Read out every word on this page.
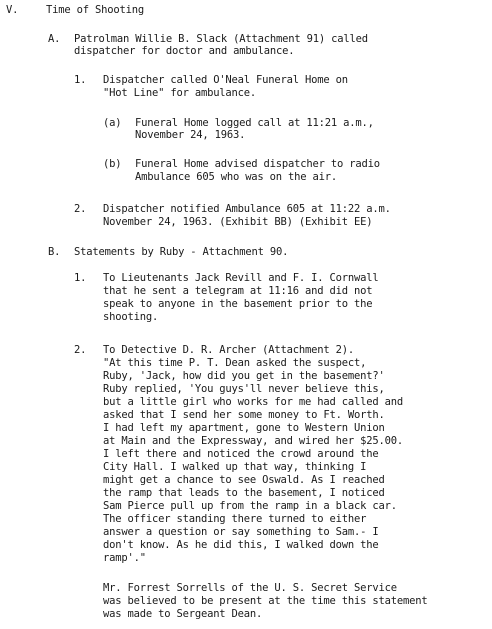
V.	Time of Shooting
A. Patrolman Willie B. Slack (Attachment 91) called
dispatcher for doctor and ambulance.
1. Dispatcher called O'Neal Funeral Home on
"Hot Line" for ambulance.
(a) Funeral Home logged call at 11:21 a.m.,
November 24, 1963.
(b) Funeral Home advised dispatcher to radio
Ambulance 605 who was on the air.
2. Dispatcher notified Ambulance 605 at 11:22 a.m.
November 24, 1963. (Exhibit BB) (Exhibit EE)
B. Statements by Ruby - Attachment 90.
1. To Lieutenants Jack Revill and F. I. Cornwall
that he sent a telegram at 11:16 and did not
speak to anyone in the basement prior to the
shooting.
2. To Detective D. R. Archer (Attachment 2).
"At this time P. T. Dean asked the suspect,
Ruby, 'Jack, how did you get in the basement?'
Ruby replied, 'You guys'll never believe this,
but a little girl who works for me had called and
asked that I send her some money to Ft. Worth.
I had left my apartment, gone to Western Union
at Main and the Expressway, and wired her $25.00.
I left there and noticed the crowd around the
City Hall. I walked up that way, thinking I
might get a chance to see Oswald. As I reached
the ramp that leads to the basement, I noticed
Sam Pierce pull up from the ramp in a black car.
The officer standing there turned to either
answer a question or say something to Sam.- I
don't know. As he did this, I walked down the
ramp'."
Mr. Forrest Sorrells of the U. S. Secret Service
was believed to be present at the time this statement
was made to Sergeant Dean.
